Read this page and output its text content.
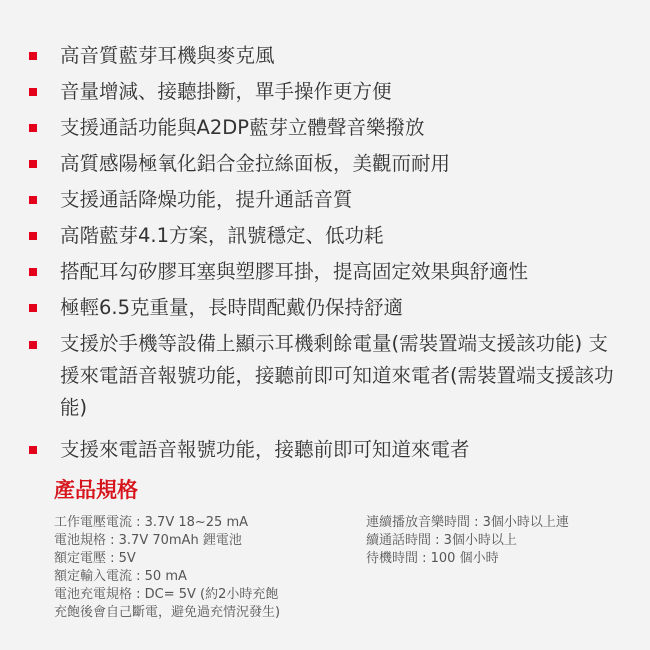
高音質藍芽耳機與麥克風
音量增減、接聽掛斷，單手操作更方便
支援通話功能與A2DP藍芽立體聲音樂撥放
高質感陽極氧化鋁合金拉絲面板，美觀而耐用
支援通話降燥功能，提升通話音質
高階藍芽4.1方案，訊號穩定、低功耗
搭配耳勾矽膠耳塞與塑膠耳掛，提高固定效果與舒適性
極輕6.5克重量，長時間配戴仍保持舒適
支援於手機等設備上顯示耳機剩餘電量(需裝置端支援該功能) 支援來電語音報號功能，接聽前即可知道來電者(需裝置端支援該功能)
支援來電語音報號功能，接聽前即可知道來電者
產品規格
工作電壓電流 : 3.7V 18~25 mA
電池規格 : 3.7V 70mAh 鋰電池
額定電壓 : 5V
額定輸入電流 : 50 mA
電池充電規格 : DC= 5V (約2小時充飽
充飽後會自己斷電，避免過充情況發生)
連續播放音樂時間 : 3個小時以上連
續通話時間 : 3個小時以上
待機時間 : 100 個小時
